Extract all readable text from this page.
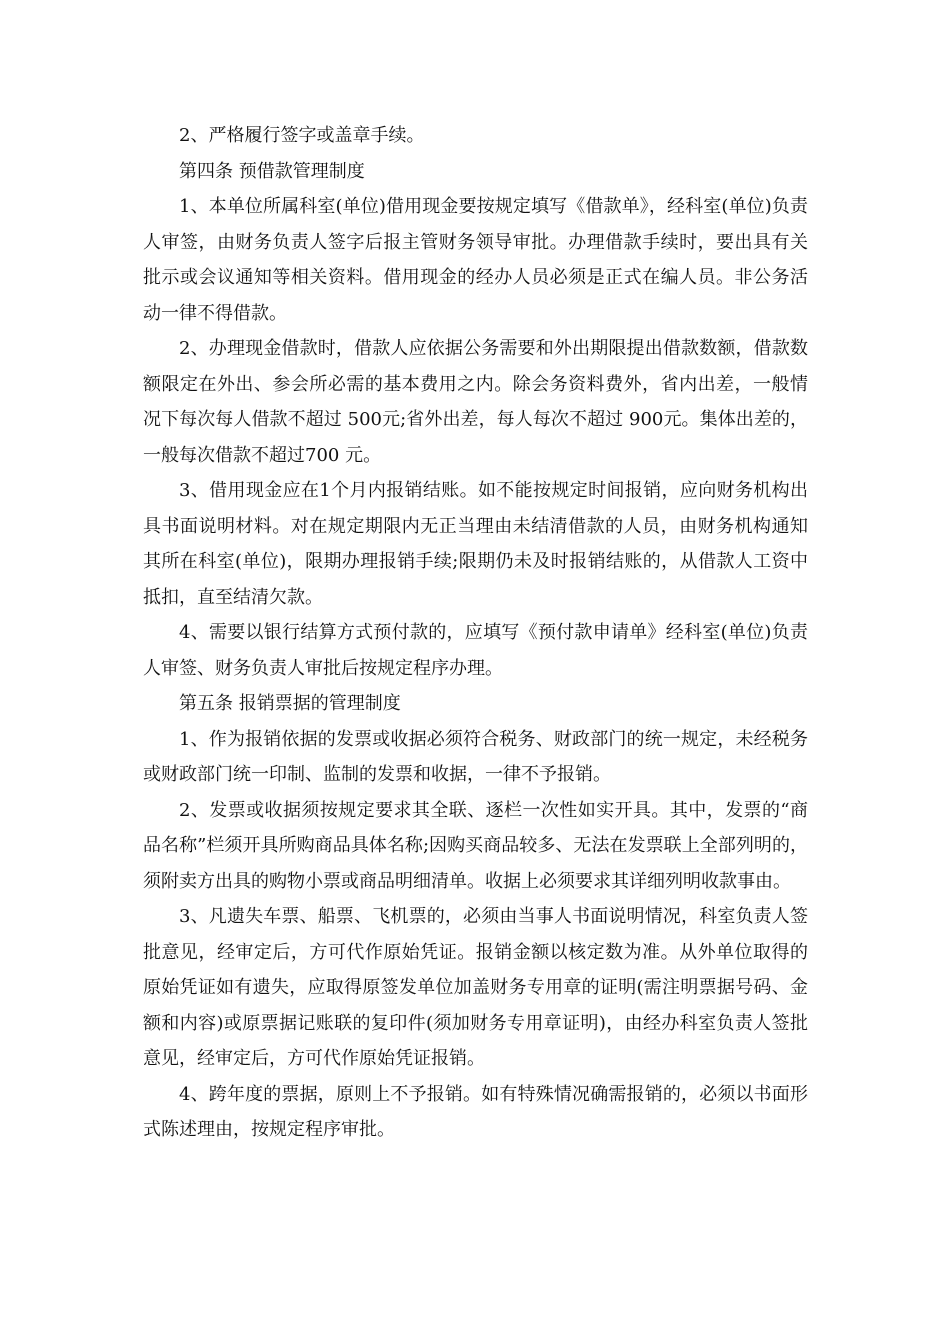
2、严格履行签字或盖章手续。

第四条 预借款管理制度

1、本单位所属科室(单位)借用现金要按规定填写《借款单》，经科室(单位)负责人审签，由财务负责人签字后报主管财务领导审批。办理借款手续时，要出具有关批示或会议通知等相关资料。借用现金的经办人员必须是正式在编人员。非公务活动一律不得借款。

2、办理现金借款时，借款人应依据公务需要和外出期限提出借款数额，借款数额限定在外出、参会所必需的基本费用之内。除会务资料费外，省内出差，一般情况下每次每人借款不超过 500元;省外出差，每人每次不超过 900元。集体出差的，一般每次借款不超过700 元。

3、借用现金应在1个月内报销结账。如不能按规定时间报销，应向财务机构出具书面说明材料。对在规定期限内无正当理由未结清借款的人员，由财务机构通知其所在科室(单位)，限期办理报销手续;限期仍未及时报销结账的，从借款人工资中抵扣，直至结清欠款。

4、需要以银行结算方式预付款的，应填写《预付款申请单》经科室(单位)负责人审签、财务负责人审批后按规定程序办理。

第五条 报销票据的管理制度

1、作为报销依据的发票或收据必须符合税务、财政部门的统一规定，未经税务或财政部门统一印制、监制的发票和收据，一律不予报销。

2、发票或收据须按规定要求其全联、逐栏一次性如实开具。其中，发票的“商品名称”栏须开具所购商品具体名称;因购买商品较多、无法在发票联上全部列明的，须附卖方出具的购物小票或商品明细清单。收据上必须要求其详细列明收款事由。

3、凡遗失车票、船票、飞机票的，必须由当事人书面说明情况，科室负责人签批意见，经审定后，方可代作原始凭证。报销金额以核定数为准。从外单位取得的原始凭证如有遗失，应取得原签发单位加盖财务专用章的证明(需注明票据号码、金额和内容)或原票据记账联的复印件(须加财务专用章证明)，由经办科室负责人签批意见，经审定后，方可代作原始凭证报销。

4、跨年度的票据，原则上不予报销。如有特殊情况确需报销的，必须以书面形式陈述理由，按规定程序审批。
